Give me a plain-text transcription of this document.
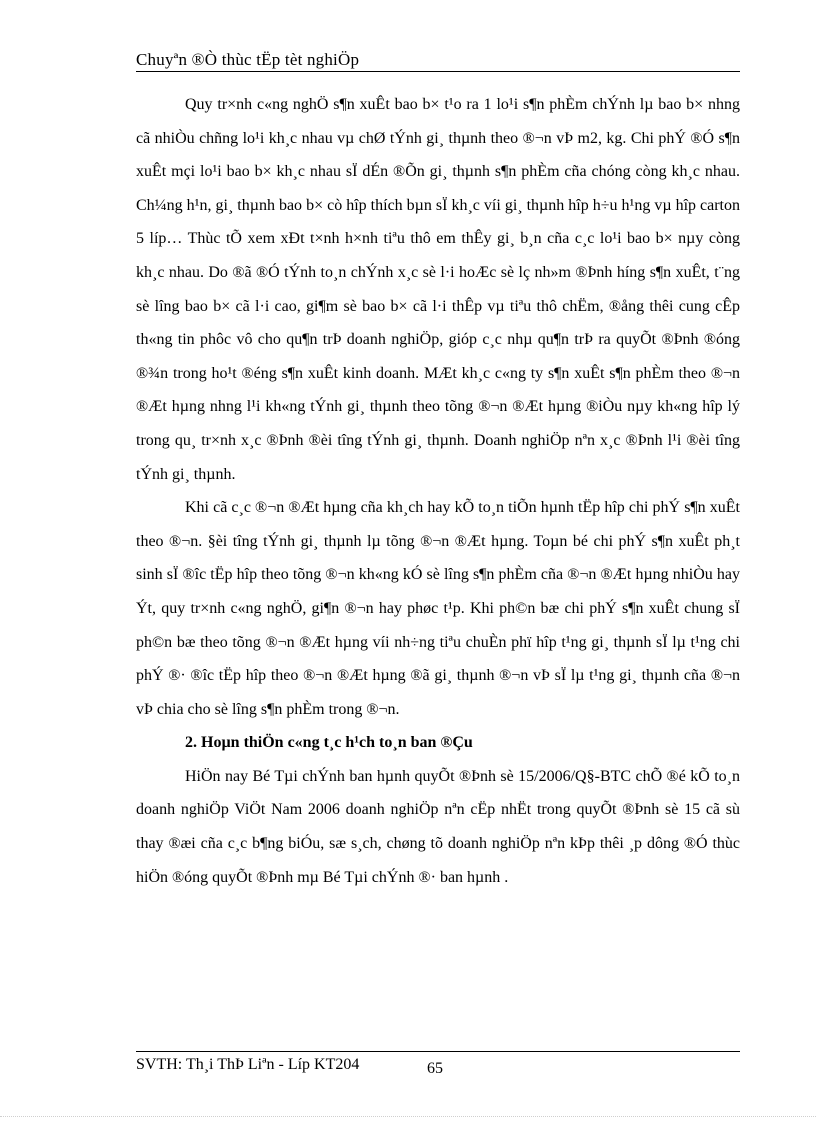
Chuyªn ®Ò thùc tËp tèt nghiÖp

Quy tr×nh c«ng nghÖ s¶n xuÊt bao b× t¹o ra 1 lo¹i s¶n phÈm chÝnh lµ bao b× nhng cã nhiÒu chñng lo¹i kh¸c nhau vµ chØ tÝnh gi¸ thµnh theo ®¬n vÞ m2, kg. Chi phÝ ®Ó s¶n xuÊt mçi lo¹i bao b× kh¸c nhau sÏ dÉn ®Õn gi¸ thµnh s¶n phÈm cña chóng còng kh¸c nhau. Ch¼ng h¹n, gi¸ thµnh bao b× cò hîp thích bµn sÏ kh¸c víi gi¸ thµnh hîp h÷u h¹ng vµ hîp carton 5 líp… Thùc tÕ xem xÐt t×nh h×nh tiªu thô em thÊy gi¸ b¸n cña c¸c lo¹i bao b× nµy còng kh¸c nhau. Do ®ã ®Ó tÝnh to¸n chÝnh x¸c sè l·i hoÆc sè lç nh»m ®Þnh híng s¶n xuÊt, t¨ng sè lîng bao b× cã l·i cao, gi¶m sè bao b× cã l·i thÊp vµ tiªu thô chËm, ®ång thêi cung cÊp th«ng tin phôc vô cho qu¶n trÞ doanh nghiÖp, gióp c¸c nhµ qu¶n trÞ ra quyÕt ®Þnh ®óng ®¾n trong ho¹t ®éng s¶n xuÊt kinh doanh. MÆt kh¸c c«ng ty s¶n xuÊt s¶n phÈm theo ®¬n ®Æt hµng nhng l¹i kh«ng tÝnh gi¸ thµnh theo tõng ®¬n ®Æt hµng ®iÒu nµy kh«ng hîp lý trong qu¸ tr×nh x¸c ®Þnh ®èi tîng tÝnh gi¸ thµnh. Doanh nghiÖp nªn x¸c ®Þnh l¹i ®èi tîng tÝnh gi¸ thµnh.

Khi cã c¸c ®¬n ®Æt hµng cña kh¸ch hay kÕ to¸n tiÕn hµnh tËp hîp chi phÝ s¶n xuÊt theo ®¬n. §èi tîng tÝnh gi¸ thµnh lµ tõng ®¬n ®Æt hµng. Toµn bé chi phÝ s¶n xuÊt ph¸t sinh sÏ ®îc tËp hîp theo tõng ®¬n kh«ng kÓ sè lîng s¶n phÈm cña ®¬n ®Æt hµng nhiÒu hay Ýt, quy tr×nh c«ng nghÖ, gi¶n ®¬n hay phøc t¹p. Khi ph©n bæ chi phÝ s¶n xuÊt chung sÏ ph©n bæ theo tõng ®¬n ®Æt hµng víi nh÷ng tiªu chuÈn phï hîp t¹ng gi¸ thµnh sÏ lµ t¹ng chi phÝ ®· ®îc tËp hîp theo ®¬n ®Æt hµng ®ã gi¸ thµnh ®¬n vÞ sÏ lµ t¹ng gi¸ thµnh cña ®¬n vÞ chia cho sè lîng s¶n phÈm trong ®¬n.

2. Hoµn thiÖn c«ng t¸c h¹ch to¸n ban ®Çu

HiÖn nay Bé Tµi chÝnh ban hµnh quyÕt ®Þnh sè 15/2006/Q§-BTC chÕ ®é kÕ to¸n doanh nghiÖp ViÖt Nam 2006 doanh nghiÖp nªn cËp nhËt trong quyÕt ®Þnh sè 15 cã sù thay ®æi cña c¸c b¶ng biÓu, sæ s¸ch, chøng tõ doanh nghiÖp nªn kÞp thêi ¸p dông ®Ó thùc hiÖn ®óng quyÕt ®Þnh mµ Bé Tµi chÝnh ®· ban hµnh .

SVTH: Th¸i ThÞ Liªn - Líp KT204	65
